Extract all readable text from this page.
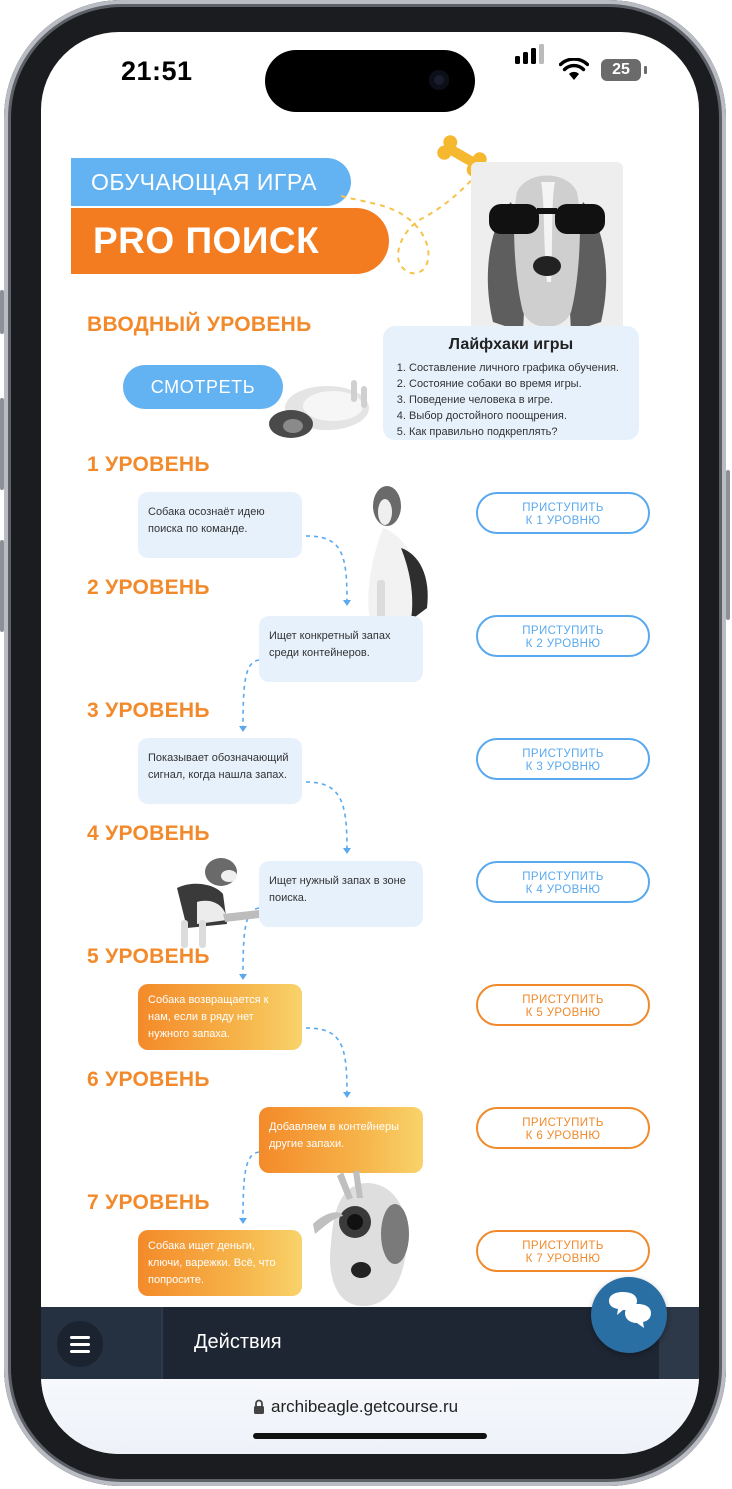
21:51	25
ОБУЧАЮЩАЯ ИГРА
PRO ПОИСК
ВВОДНЫЙ УРОВЕНЬ
СМОТРЕТЬ
Лайфхаки игры
1. Составление личного графика обучения.
2. Состояние собаки во время игры.
3. Поведение человека в игре.
4. Выбор достойного поощрения.
5. Как правильно подкреплять?
1 УРОВЕНЬ
Собака осознаёт идею поиска по команде.
ПРИСТУПИТЬ
К 1 УРОВНЮ
2 УРОВЕНЬ
Ищет конкретный запах среди контейнеров.
ПРИСТУПИТЬ
К 2 УРОВНЮ
3 УРОВЕНЬ
Показывает обозначающий сигнал, когда нашла запах.
ПРИСТУПИТЬ
К 3 УРОВНЮ
4 УРОВЕНЬ
Ищет нужный запах в зоне поиска.
ПРИСТУПИТЬ
К 4 УРОВНЮ
5 УРОВЕНЬ
Собака возвращается к нам, если в ряду нет нужного запаха.
ПРИСТУПИТЬ
К 5 УРОВНЮ
6 УРОВЕНЬ
Добавляем в контейнеры другие запахи.
ПРИСТУПИТЬ
К 6 УРОВНЮ
7 УРОВЕНЬ
Собака ищет деньги, ключи, варежки. Всё, что попросите.
ПРИСТУПИТЬ
К 7 УРОВНЮ
Действия
archibeagle.getcourse.ru
